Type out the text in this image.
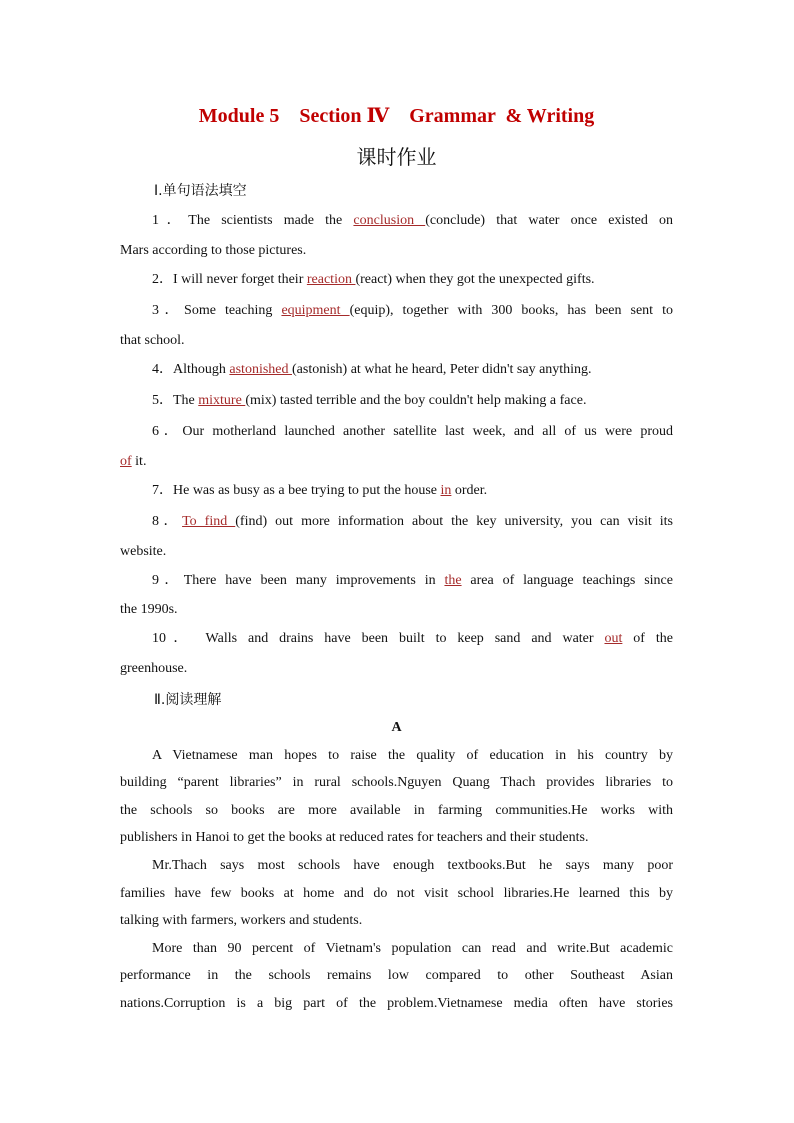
Module 5　Section Ⅳ　Grammar  & Writing
课时作业
Ⅰ.单句语法填空
1．The scientists made the conclusion (conclude) that water once existed on
Mars according to those pictures.
2．I will never forget their reaction (react) when they got the unexpected gifts.
3．Some teaching equipment (equip), together with 300 books, has been sent to
that school.
4．Although astonished (astonish) at what he heard, Peter didn't say anything.
5．The mixture (mix) tasted terrible and the boy couldn't help making a face.
6．Our motherland launched another satellite last week, and all of us were proud
of it.
7．He was as busy as a bee trying to put the house in order.
8．To find (find) out more information about the key university, you can visit its
website.
9．There have been many improvements in the area of language teachings since
the 1990s.
10． Walls and drains have been built to keep sand and water out of the
greenhouse.
Ⅱ.阅读理解
A
A Vietnamese man hopes to raise the quality of education in his country by
building “parent libraries” in rural schools.Nguyen Quang Thach provides libraries to
the schools so books are more available in farming communities.He works with
publishers in Hanoi to get the books at reduced rates for teachers and their students.
Mr.Thach says most schools have enough textbooks.But he says many poor
families have few books at home and do not visit school libraries.He learned this by
talking with farmers, workers and students.
More than 90 percent of Vietnam's population can read and write.But academic
performance in the schools remains low compared to other Southeast Asian
nations.Corruption is a big part of the problem.Vietnamese media often have stories
